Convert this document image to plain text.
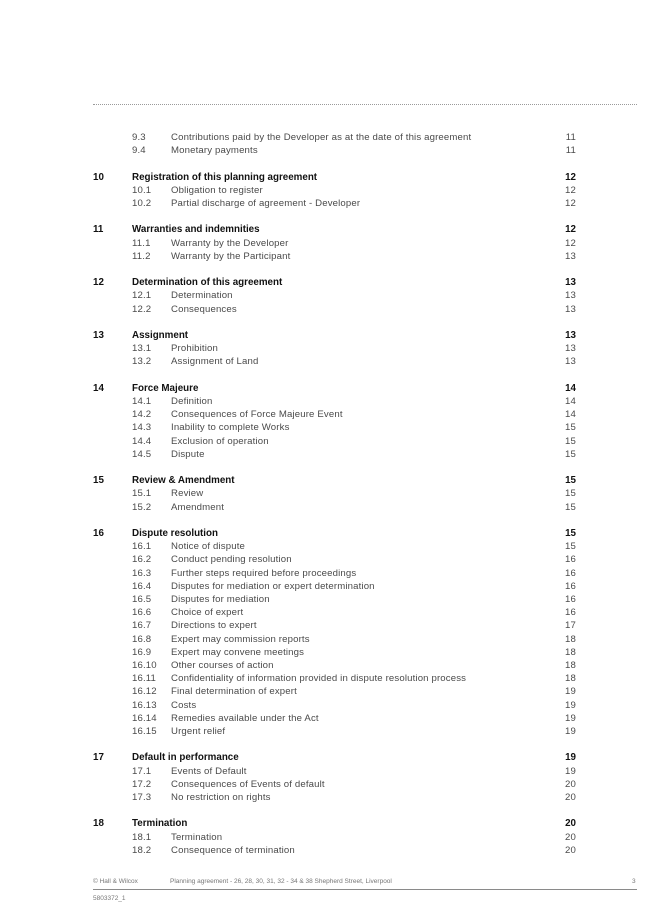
9.3	Contributions paid by the Developer as at the date of this agreement	11
9.4	Monetary payments	11
10	Registration of this planning agreement	12
10.1 Obligation to register	12
10.2 Partial discharge of agreement - Developer	12
11	Warranties and indemnities	12
11.1 Warranty by the Developer	12
11.2 Warranty by the Participant	13
12	Determination of this agreement	13
12.1 Determination	13
12.2 Consequences	13
13	Assignment	13
13.1 Prohibition	13
13.2 Assignment of Land	13
14	Force Majeure	14
14.1 Definition	14
14.2 Consequences of Force Majeure Event	14
14.3 Inability to complete Works	15
14.4 Exclusion of operation	15
14.5 Dispute	15
15	Review & Amendment	15
15.1 Review	15
15.2 Amendment	15
16	Dispute resolution	15
16.1 Notice of dispute	15
16.2 Conduct pending resolution	16
16.3 Further steps required before proceedings	16
16.4 Disputes for mediation or expert determination	16
16.5 Disputes for mediation	16
16.6 Choice of expert	16
16.7 Directions to expert	17
16.8 Expert may commission reports	18
16.9 Expert may convene meetings	18
16.10 Other courses of action	18
16.11 Confidentiality of information provided in dispute resolution process	18
16.12 Final determination of expert	19
16.13 Costs	19
16.14 Remedies available under the Act	19
16.15 Urgent relief	19
17	Default in performance	19
17.1 Events of Default	19
17.2 Consequences of Events of default	20
17.3 No restriction on rights	20
18	Termination	20
18.1 Termination	20
18.2 Consequence of termination	20
© Hall & Wilcox	Planning agreement - 26, 28, 30, 31, 32 - 34 & 38 Shepherd Street, Liverpool	3
5803372_1
